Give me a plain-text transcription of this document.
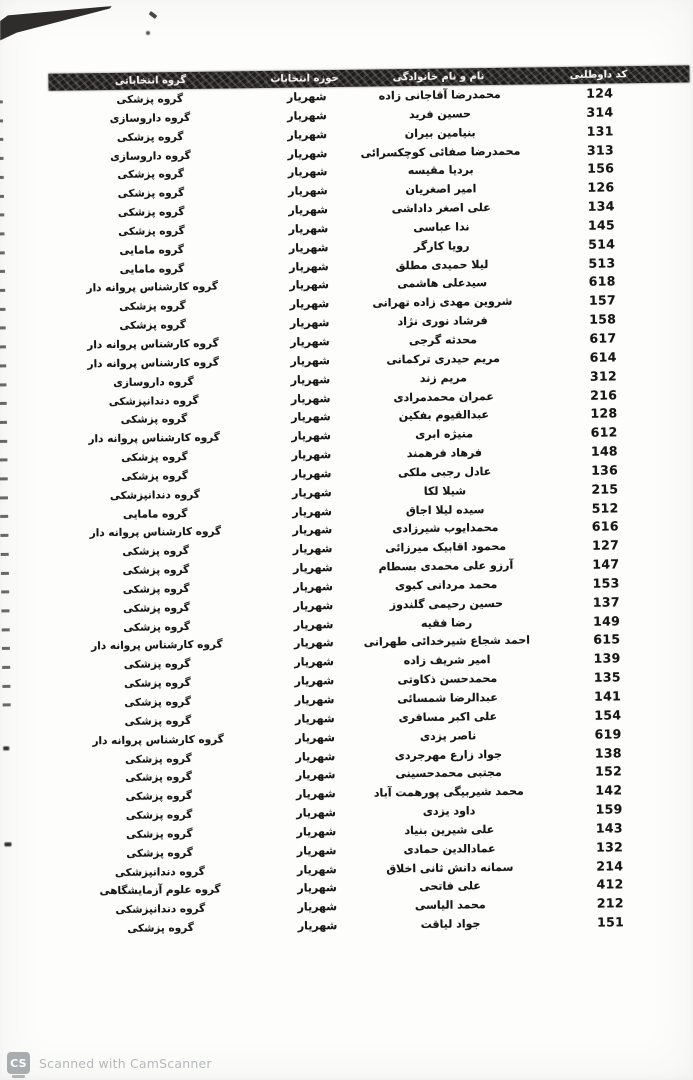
گروه انتخاباتی	حوزه انتخابات	نام و نام خانوادگی	کد داوطلبی
گروه پزشکی	شهریار	محمدرضا آقاجانی زاده	124
گروه داروسازی	شهریار	حسین فرید	314
گروه پزشکی	شهریار	بنیامین بیران	131
گروه داروسازی	شهریار	محمدرضا صفائی کوچکسرائی	313
گروه پزشکی	شهریار	بردیا مقیسه	156
گروه پزشکی	شهریار	امیر اصغریان	126
گروه پزشکی	شهریار	علی اصغر داداشی	134
گروه پزشکی	شهریار	ندا عباسی	145
گروه مامایی	شهریار	رویا کارگر	514
گروه مامایی	شهریار	لیلا حمیدی مطلق	513
گروه کارشناس پروانه دار	شهریار	سیدعلی هاشمی	618
گروه پزشکی	شهریار	شروین مهدی زاده تهرانی	157
گروه پزشکی	شهریار	فرشاد نوری نژاد	158
گروه کارشناس پروانه دار	شهریار	محدثه گرجی	617
گروه کارشناس پروانه دار	شهریار	مریم حیدری ترکمانی	614
گروه داروسازی	شهریار	مریم زند	312
گروه دندانپزشکی	شهریار	عمران محمدمرادی	216
گروه پزشکی	شهریار	عبدالقیوم بفکین	128
گروه کارشناس پروانه دار	شهریار	منیژه ابری	612
گروه پزشکی	شهریار	فرهاد فرهمند	148
گروه پزشکی	شهریار	عادل رجبی ملکی	136
گروه دندانپزشکی	شهریار	شیلا لکا	215
گروه مامایی	شهریار	سیده لیلا اجاق	512
گروه کارشناس پروانه دار	شهریار	محمدایوب شیرزادی	616
گروه پزشکی	شهریار	محمود اقابیک میرزائی	127
گروه پزشکی	شهریار	آرزو علی محمدی بسطام	147
گروه پزشکی	شهریار	محمد مردانی کبوی	153
گروه پزشکی	شهریار	حسین رحیمی گلندوز	137
گروه پزشکی	شهریار	رضا فقیه	149
گروه کارشناس پروانه دار	شهریار	احمد شجاع شیرخدائی طهرانی	615
گروه پزشکی	شهریار	امیر شریف زاده	139
گروه پزشکی	شهریار	محمدحسن ذکاوتی	135
گروه پزشکی	شهریار	عبدالرضا شمسائی	141
گروه پزشکی	شهریار	علی اکبر مسافری	154
گروه کارشناس پروانه دار	شهریار	ناصر یزدی	619
گروه پزشکی	شهریار	جواد زارع مهرجردی	138
گروه پزشکی	شهریار	مجتبی محمدحسینی	152
گروه پزشکی	شهریار	محمد شیربیگی پورهمت آباد	142
گروه پزشکی	شهریار	داود یزدی	159
گروه پزشکی	شهریار	علی شیرین بنیاد	143
گروه پزشکی	شهریار	عمادالدین حمادی	132
گروه دندانپزشکی	شهریار	سمانه دانش ثانی اخلاق	214
گروه علوم آزمایشگاهی	شهریار	علی فاتحی	412
گروه دندانپزشکی	شهریار	محمد الیاسی	212
گروه پزشکی	شهریار	جواد لیاقت	151
CS Scanned with CamScanner
